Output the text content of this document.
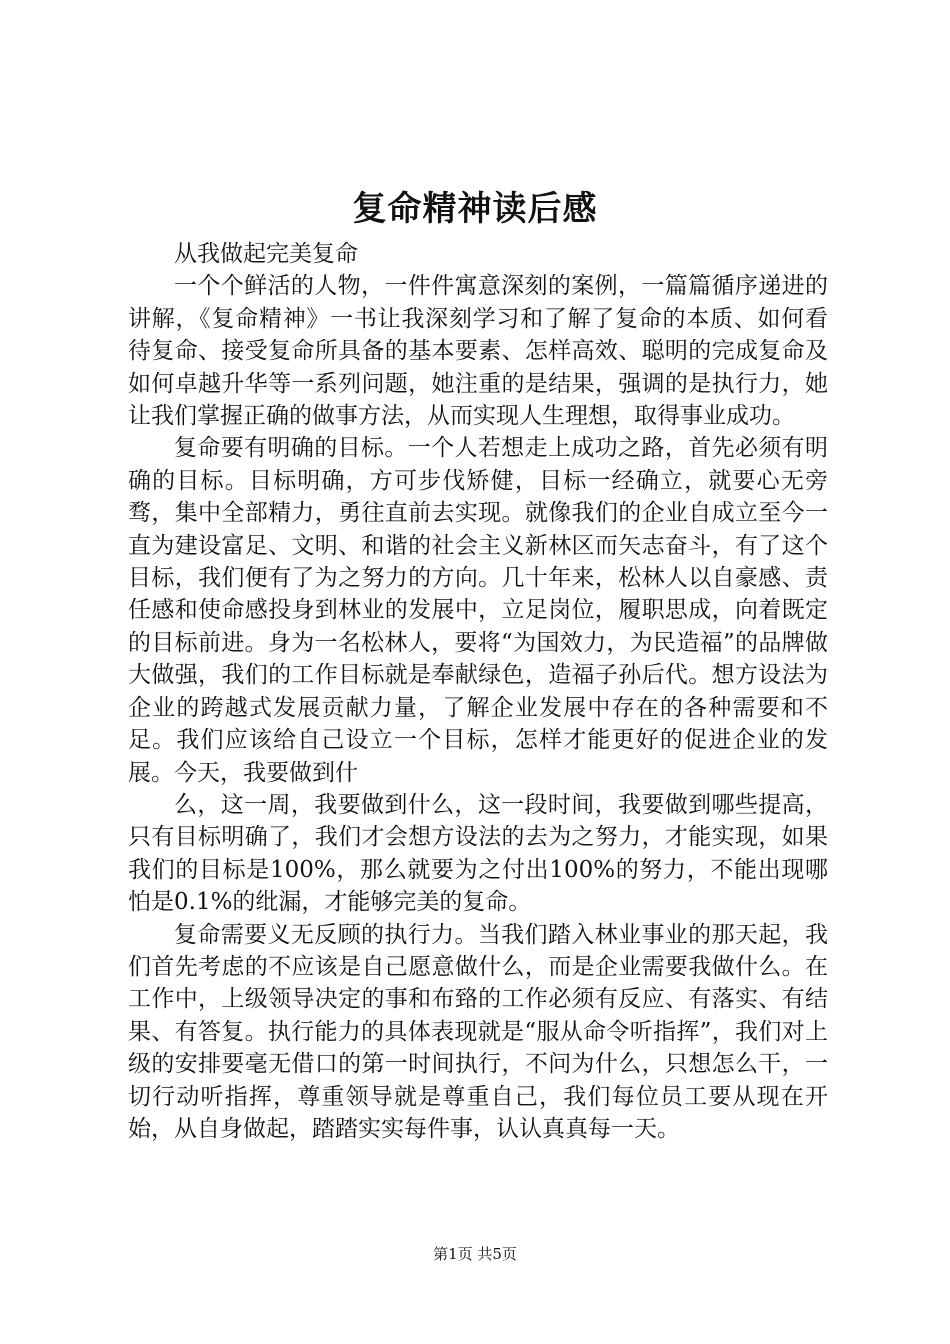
复命精神读后感

从我做起完美复命

一个个鲜活的人物，一件件寓意深刻的案例，一篇篇循序递进的讲解，《复命精神》一书让我深刻学习和了解了复命的本质、如何看待复命、接受复命所具备的基本要素、怎样高效、聪明的完成复命及如何卓越升华等一系列问题，她注重的是结果，强调的是执行力，她让我们掌握正确的做事方法，从而实现人生理想，取得事业成功。

复命要有明确的目标。一个人若想走上成功之路，首先必须有明确的目标。目标明确，方可步伐矫健，目标一经确立，就要心无旁骛，集中全部精力，勇往直前去实现。就像我们的企业自成立至今一直为建设富足、文明、和谐的社会主义新林区而矢志奋斗，有了这个目标，我们便有了为之努力的方向。几十年来，松林人以自豪感、责任感和使命感投身到林业的发展中，立足岗位，履职思成，向着既定的目标前进。身为一名松林人，要将“为国效力，为民造福”的品牌做大做强，我们的工作目标就是奉献绿色，造福子孙后代。想方设法为企业的跨越式发展贡献力量，了解企业发展中存在的各种需要和不足。我们应该给自己设立一个目标，怎样才能更好的促进企业的发展。今天，我要做到什

么，这一周，我要做到什么，这一段时间，我要做到哪些提高，只有目标明确了，我们才会想方设法的去为之努力，才能实现，如果我们的目标是100%，那么就要为之付出100%的努力，不能出现哪怕是0.1%的纰漏，才能够完美的复命。

复命需要义无反顾的执行力。当我们踏入林业事业的那天起，我们首先考虑的不应该是自己愿意做什么，而是企业需要我做什么。在工作中，上级领导决定的事和布臵的工作必须有反应、有落实、有结果、有答复。执行能力的具体表现就是“服从命令听指挥”，我们对上级的安排要毫无借口的第一时间执行，不问为什么，只想怎么干，一切行动听指挥，尊重领导就是尊重自己，我们每位员工要从现在开始，从自身做起，踏踏实实每件事，认认真真每一天。

第1页 共5页
